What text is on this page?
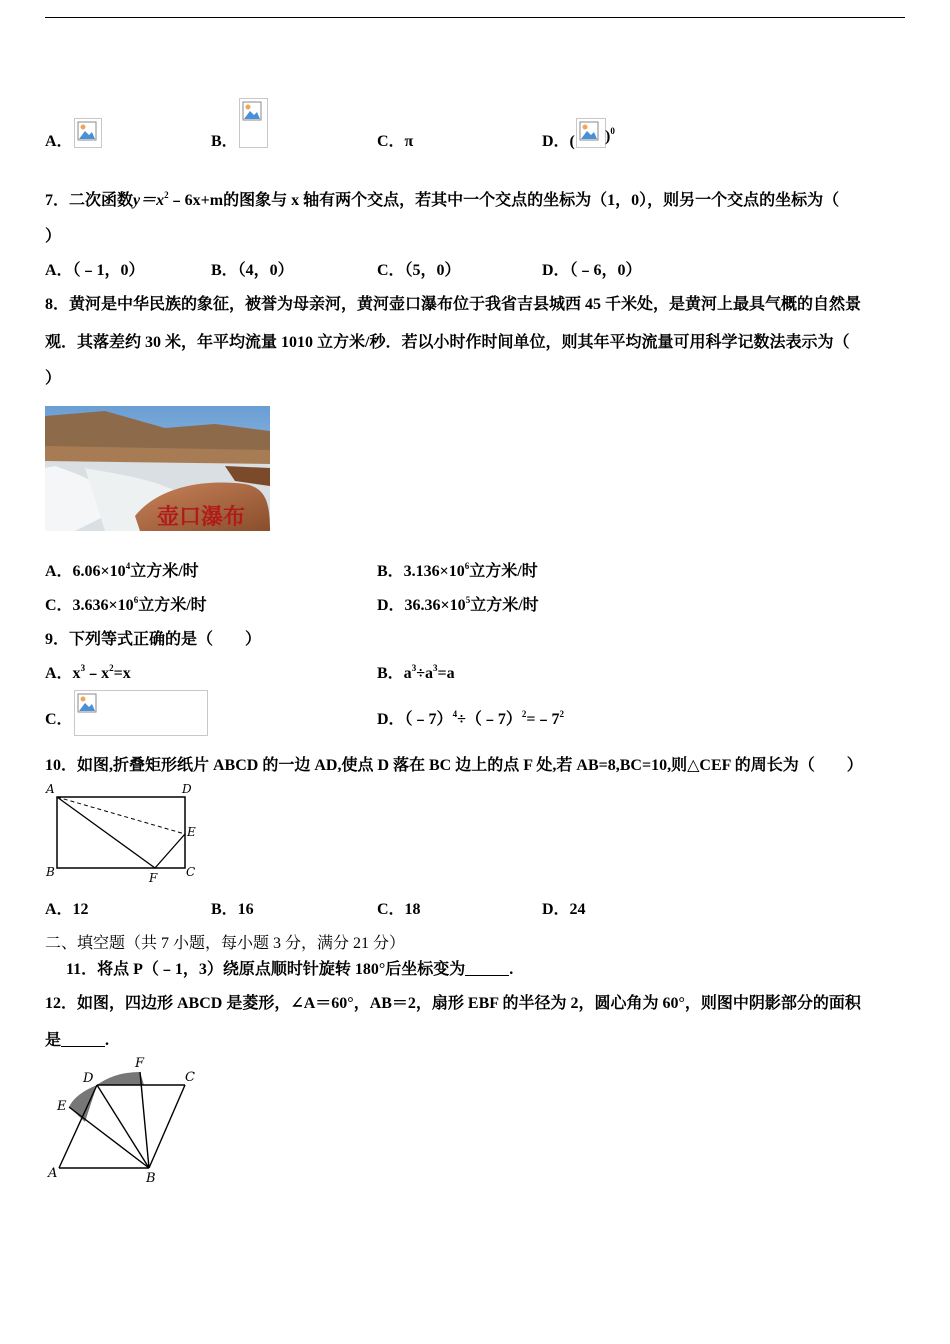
A．	B．	C．π	D．( )$^0$
7．二次函数$y=x^2﹣6x+m$的图象与 x 轴有两个交点，若其中一个交点的坐标为（1，0），则另一个交点的坐标为（
）
A．（﹣1，0）	B．（4，0）	C．（5，0）	D．（﹣6，0）
8．黄河是中华民族的象征，被誉为母亲河，黄河壶口瀑布位于我省吉县城西 45 千米处，是黄河上最具气概的自然景
观．其落差约 30 米，年平均流量 1010 立方米/秒．若以小时作时间单位，则其年平均流量可用科学记数法表示为（
）
壶口瀑布
A．$6.06\times 10^4$立方米/时	B．$3.136\times 10^6$立方米/时
C．$3.636\times 10^6$立方米/时	D．$36.36\times 10^5$立方米/时
9．下列等式正确的是（　　）
A．$x^3﹣x^2=x$	B．$a^3\div a^3=a$
C．	D．$(﹣7)^4\div(﹣7)^2=﹣7^2$
10．如图,折叠矩形纸片 ABCD 的一边 AD,使点 D 落在 BC 边上的点 F 处,若 AB=8,BC=10,则△CEF 的周长为（　　）
A	D
B	C
E
F
A．12	B．16	C．18	D．24
二、填空题（共 7 小题，每小题 3 分，满分 21 分）
11．将点 P（﹣1，3）绕原点顺时针旋转 180°后坐标变为	.
12．如图，四边形 ABCD 是菱形，∠A＝60°，AB＝2，扇形 EBF 的半径为 2，圆心角为 60°，则图中阴影部分的面积
是	.
A	B
C
D
E
F
